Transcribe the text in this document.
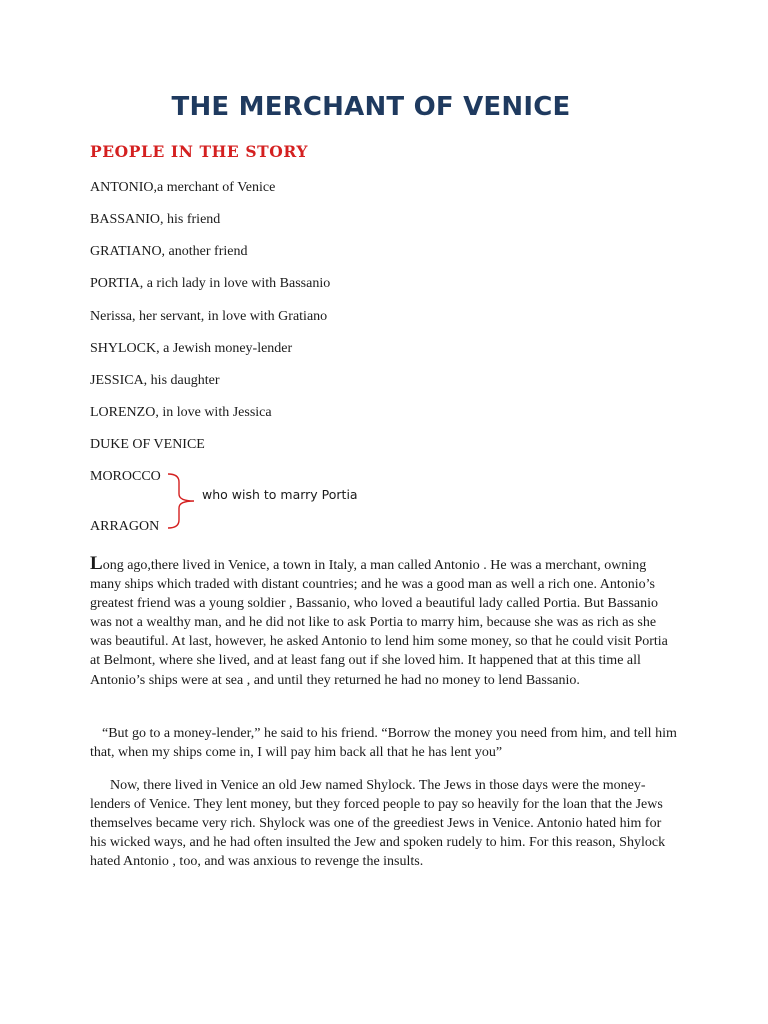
THE MERCHANT OF VENICE
PEOPLE IN THE STORY
ANTONIO,a merchant of Venice
BASSANIO, his friend
GRATIANO, another friend
PORTIA, a rich lady in love with Bassanio
Nerissa, her servant, in love with Gratiano
SHYLOCK, a Jewish money-lender
JESSICA, his daughter
LORENZO, in love with Jessica
DUKE OF VENICE
MOROCCO
ARRAGON
who wish to marry Portia

Long ago,there lived in Venice, a town in Italy, a man called Antonio . He was a merchant, owning many ships which traded with distant countries; and he was a good man as well a rich one. Antonio’s greatest friend was a young soldier , Bassanio, who loved a beautiful lady called Portia. But Bassanio was not a wealthy man, and he did not like to ask Portia to marry him, because she was as rich as she was beautiful. At last, however, he asked Antonio to lend him some money, so that he could visit Portia at Belmont, where she lived, and at least fang out if she loved him. It happened that at this time all Antonio’s ships were at sea , and until they returned he had no money to lend Bassanio.

“But go to a money-lender,” he said to his friend. “Borrow the money you need from him, and tell him that, when my ships come in, I will pay him back all that he has lent you”

Now, there lived in Venice an old Jew named Shylock. The Jews in those days were the money-lenders of Venice. They lent money, but they forced people to pay so heavily for the loan that the Jews themselves became very rich. Shylock was one of the greediest Jews in Venice. Antonio hated him for his wicked ways, and he had often insulted the Jew and spoken rudely to him. For this reason, Shylock hated Antonio , too, and was anxious to revenge the insults.
